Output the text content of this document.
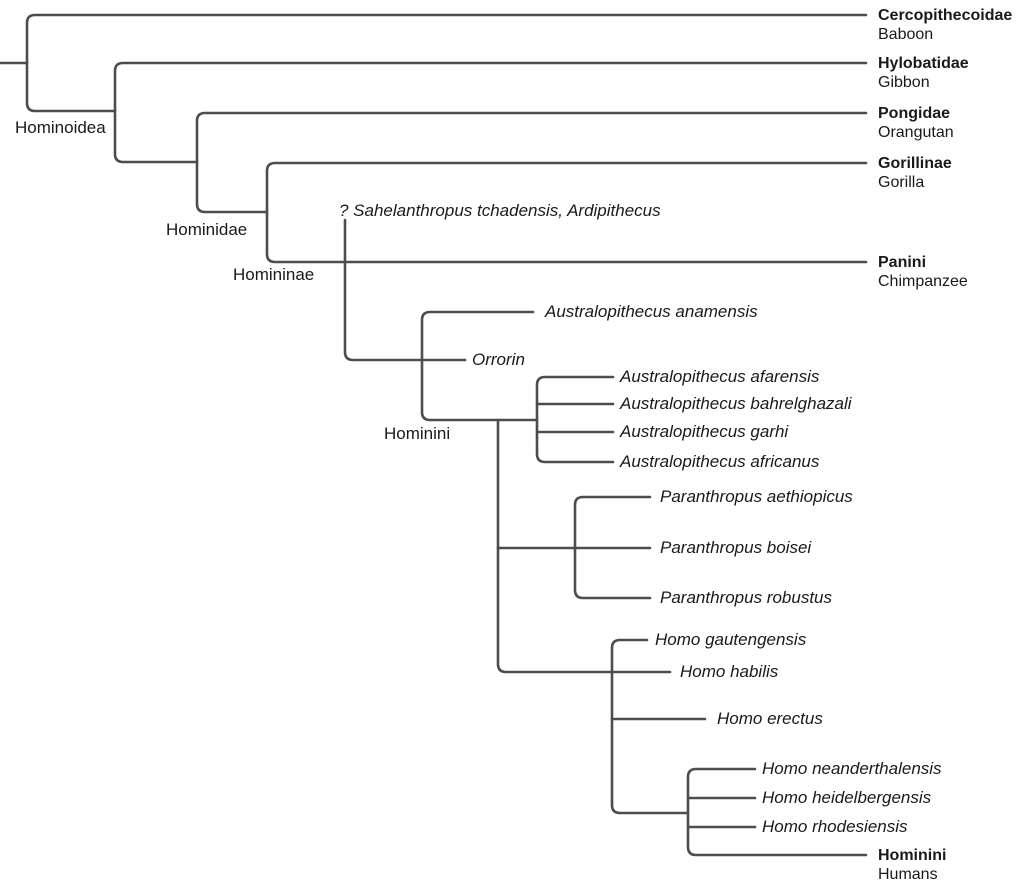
Hominoidea
Hominidae
Homininae
Hominini
? Sahelanthropus tchadensis, Ardipithecus
Australopithecus anamensis
Orrorin
Australopithecus afarensis
Australopithecus bahrelghazali
Australopithecus garhi
Australopithecus africanus
Paranthropus aethiopicus
Paranthropus boisei
Paranthropus robustus
Homo gautengensis
Homo habilis
Homo erectus
Homo neanderthalensis
Homo heidelbergensis
Homo rhodesiensis
Cercopithecoidae
Baboon
Hylobatidae
Gibbon
Pongidae
Orangutan
Gorillinae
Gorilla
Panini
Chimpanzee
Hominini
Humans
